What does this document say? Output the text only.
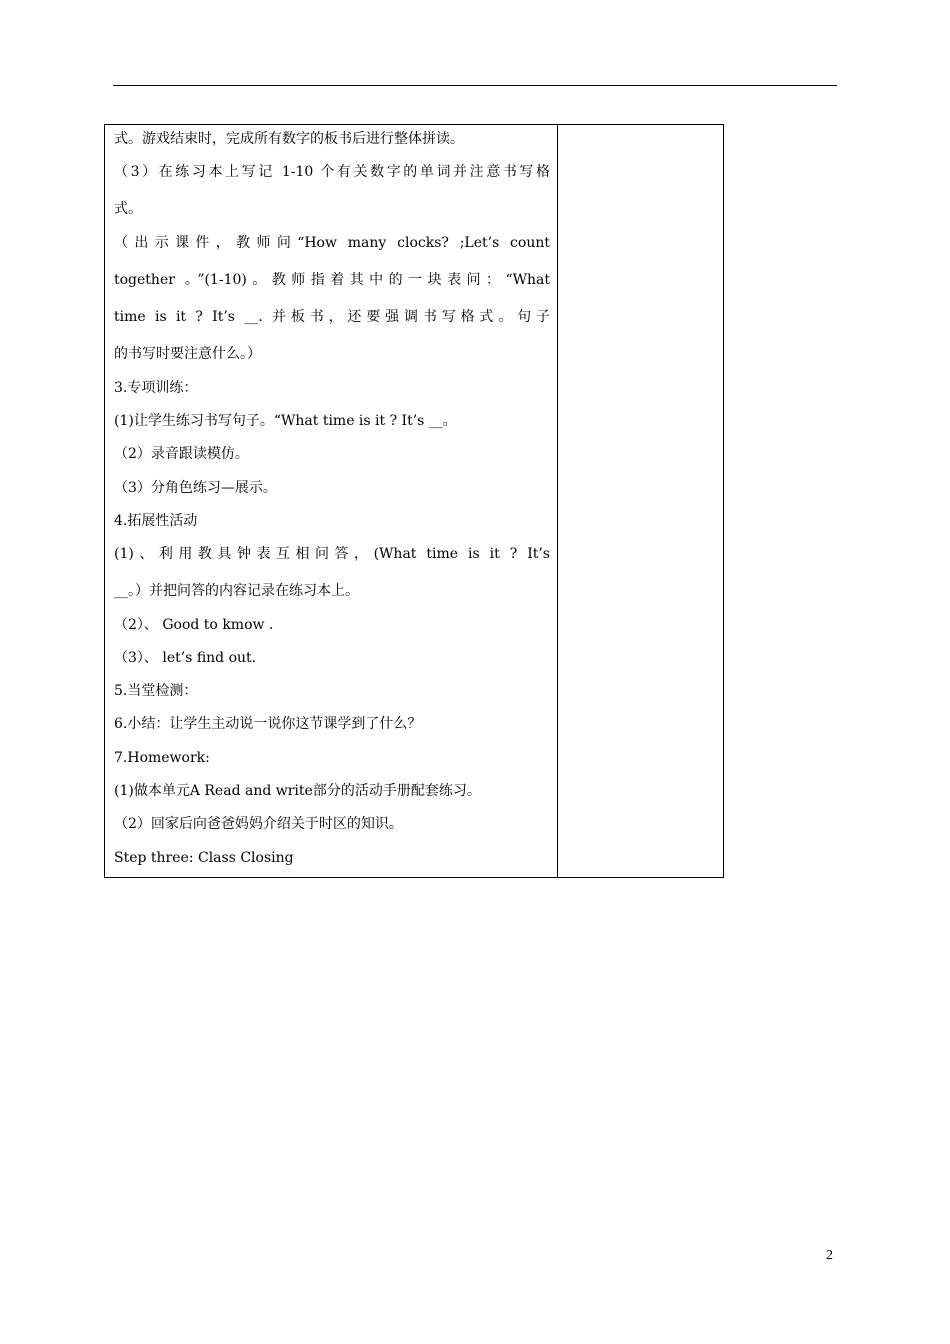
式。游戏结束时，完成所有数字的板书后进行整体拼读。
（3）在练习本上写记 1-10 个有关数字的单词并注意书写格
式。
（出示课件，教师问“How many clocks? ;Let’s count
together 。”(1-10)。教师指着其中的一块表问：“What
time is it ? It’s __. 并板书，还要强调书写格式。句子
的书写时要注意什么。）
3.专项训练：
(1)让学生练习书写句子。“What time is it ? It’s __。
（2）录音跟读模仿。
（3）分角色练习—展示。
4.拓展性活动
(1)、利用教具钟表互相问答，(What time is it ? It’s
__。）并把问答的内容记录在练习本上。
（2）、 Good to kmow .
（3）、 let’s find out.
5.当堂检测：
6.小结：让学生主动说一说你这节课学到了什么？
7.Homework:
(1)做本单元A Read and write部分的活动手册配套练习。
（2）回家后向爸爸妈妈介绍关于时区的知识。
Step three: Class Closing
2
